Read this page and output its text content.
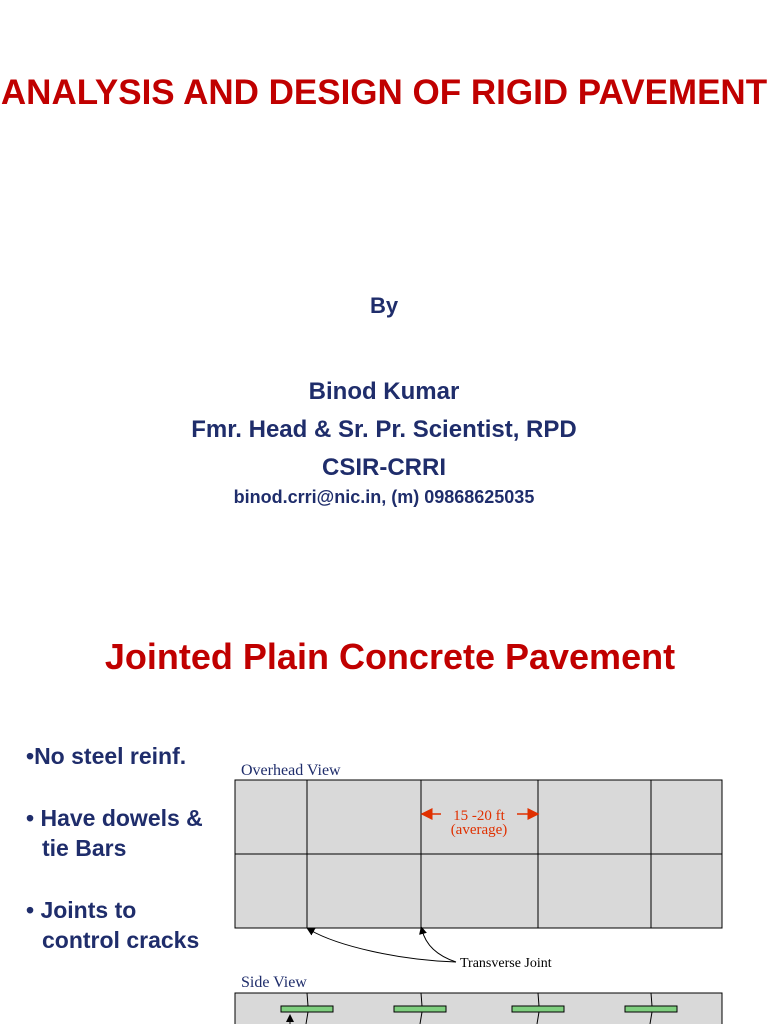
ANALYSIS AND DESIGN OF RIGID PAVEMENT

By

Binod Kumar

Fmr. Head & Sr. Pr. Scientist, RPD

CSIR-CRRI

binod.crri@nic.in, (m) 09868625035

Jointed Plain Concrete Pavement

•No steel reinf.

• Have dowels & tie Bars

• Joints to control cracks

Overhead View
15 -20 ft
(average)
Transverse Joint
Side View
